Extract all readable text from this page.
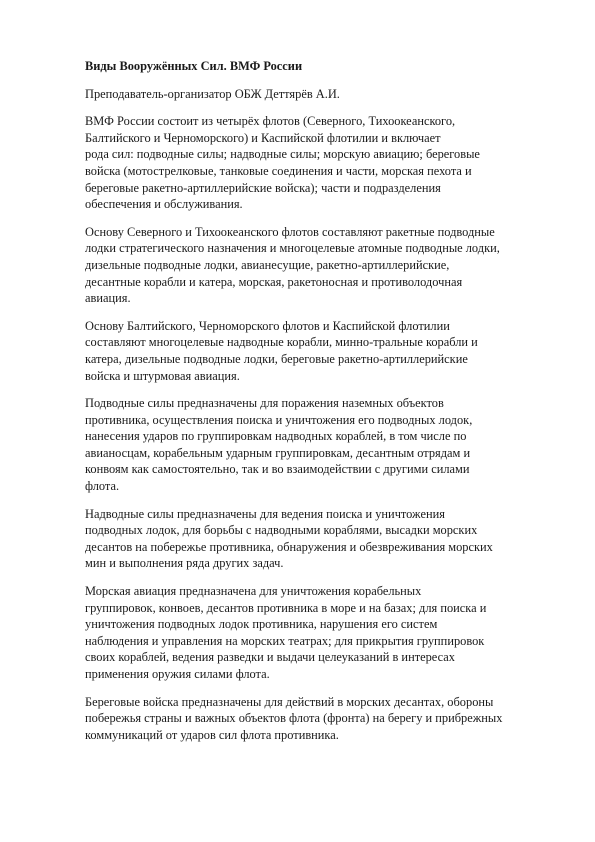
Виды Вооружённых Сил. ВМФ России
Преподаватель-организатор ОБЖ Деттярёв А.И.
ВМФ России состоит из четырёх флотов (Северного, Тихоокеанского,
Балтийского и Черноморского) и Каспийской флотилии и включает
рода сил: подводные силы; надводные силы; морскую авиацию; береговые
войска (мотострелковые, танковые соединения и части, морская пехота и
береговые ракетно-артиллерийские войска); части и подразделения
обеспечения и обслуживания.
Основу Северного и Тихоокеанского флотов составляют ракетные подводные
лодки стратегического назначения и многоцелевые атомные подводные лодки,
дизельные подводные лодки, авианесущие, ракетно-артиллерийские,
десантные корабли и катера, морская, ракетоносная и противолодочная
авиация.
Основу Балтийского, Черноморского флотов и Каспийской флотилии
составляют многоцелевые надводные корабли, минно-тральные корабли и
катера, дизельные подводные лодки, береговые ракетно-артиллерийские
войска и штурмовая авиация.
Подводные силы предназначены для поражения наземных объектов
противника, осуществления поиска и уничтожения его подводных лодок,
нанесения ударов по группировкам надводных кораблей, в том числе по
авианосцам, корабельным ударным группировкам, десантным отрядам и
конвоям как самостоятельно, так и во взаимодействии с другими силами
флота.
Надводные силы предназначены для ведения поиска и уничтожения
подводных лодок, для борьбы с надводными кораблями, высадки морских
десантов на побережье противника, обнаружения и обезвреживания морских
мин и выполнения ряда других задач.
Морская авиация предназначена для уничтожения корабельных
группировок, конвоев, десантов противника в море и на базах; для поиска и
уничтожения подводных лодок противника, нарушения его систем
наблюдения и управления на морских театрах; для прикрытия группировок
своих кораблей, ведения разведки и выдачи целеуказаний в интересах
применения оружия силами флота.
Береговые войска предназначены для действий в морских десантах, обороны
побережья страны и важных объектов флота (фронта) на берегу и прибрежных
коммуникаций от ударов сил флота противника.
